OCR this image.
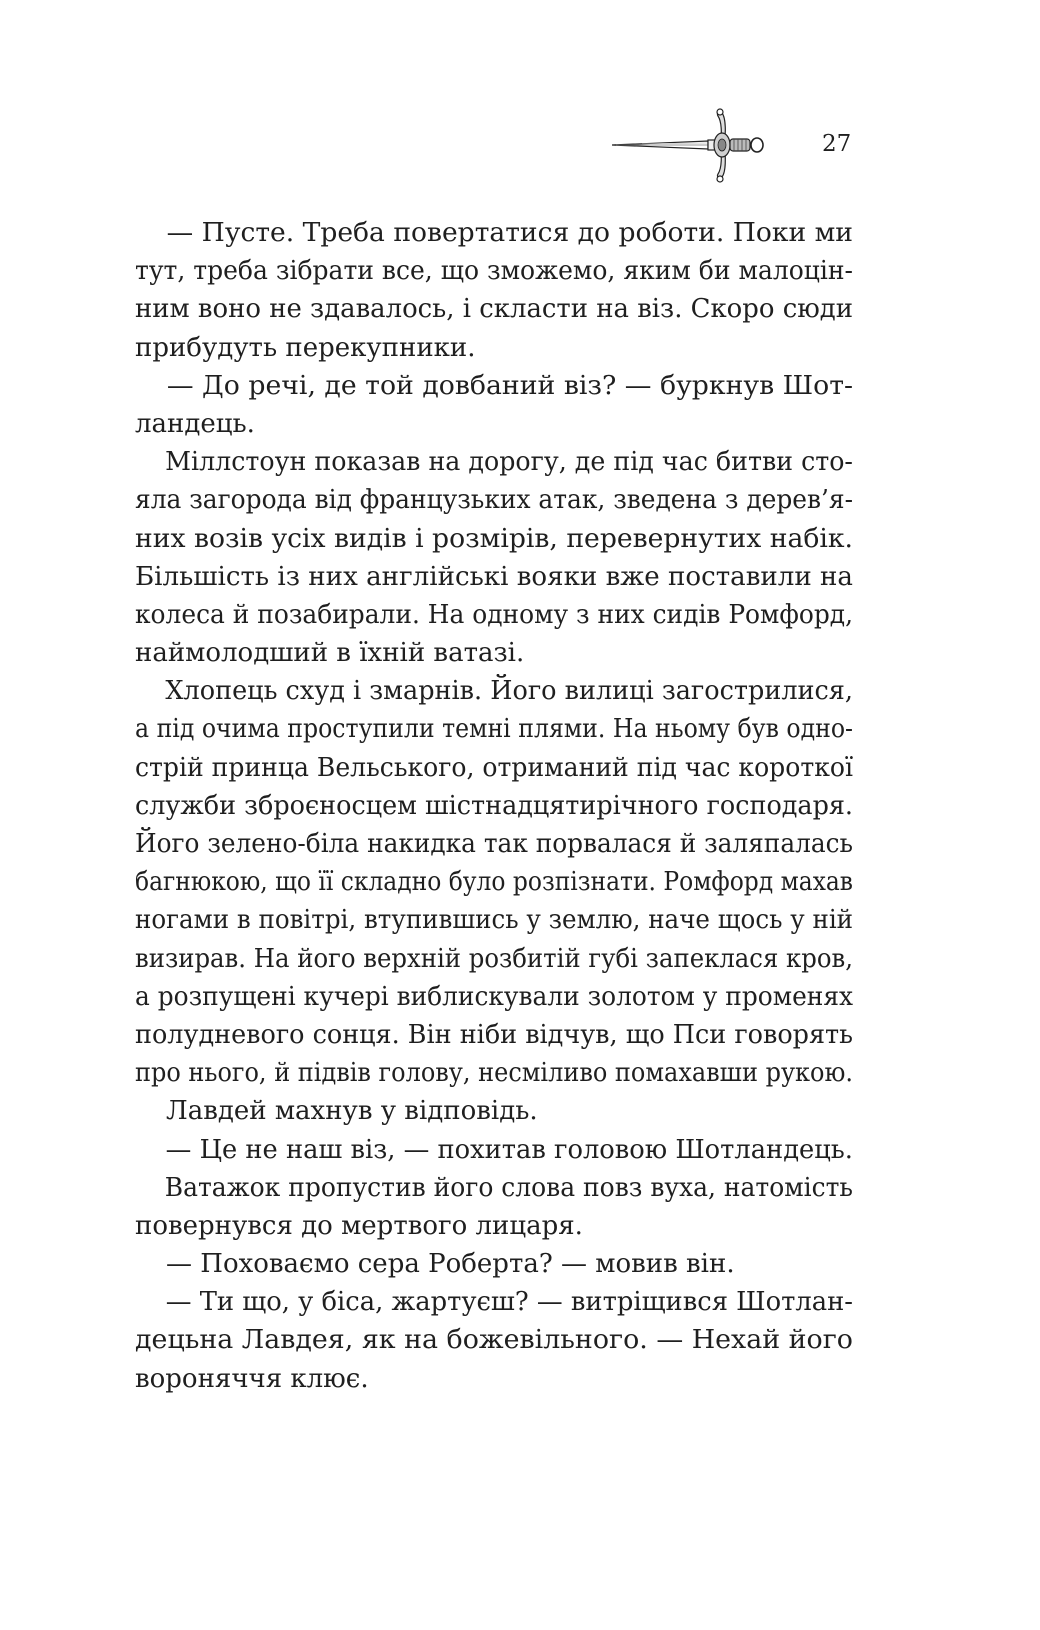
27
— Пусте. Треба повертатися до роботи. Поки ми
тут, треба зібрати все, що зможемо, яким би малоцін-
ним воно не здавалось, і скласти на віз. Скоро сюди
прибудуть перекупники.
— До речі, де той довбаний віз? — буркнув Шот-
ландець.
Міллстоун показав на дорогу, де під час битви сто-
яла загорода від французьких атак, зведена з дерев’я-
них возів усіх видів і розмірів, перевернутих набік.
Більшість із них англійські вояки вже поставили на
колеса й позабирали. На одному з них сидів Ромфорд,
наймолодший в їхній ватазі.
Хлопець схуд і змарнів. Його вилиці загострилися,
а під очима проступили темні плями. На ньому був одно-
стрій принца Вельського, отриманий під час короткої
служби зброєносцем шістнадцятирічного господаря.
Його зелено-біла накидка так порвалася й заляпалась
багнюкою, що її складно було розпізнати. Ромфорд махав
ногами в повітрі, втупившись у землю, наче щось у ній
визирав. На його верхній розбитій губі запеклася кров,
а розпущені кучері виблискували золотом у променях
полудневого сонця. Він ніби відчув, що Пси говорять
про нього, й підвів голову, несміливо помахавши рукою.
Лавдей махнув у відповідь.
— Це не наш віз, — похитав головою Шотландець.
Ватажок пропустив його слова повз вуха, натомість
повернувся до мертвого лицаря.
— Поховаємо сера Роберта? — мовив він.
— Ти що, у біса, жартуєш? — витріщився Шотлан-
децьна Лавдея, як на божевільного. — Нехай його
вороняччя клює.
